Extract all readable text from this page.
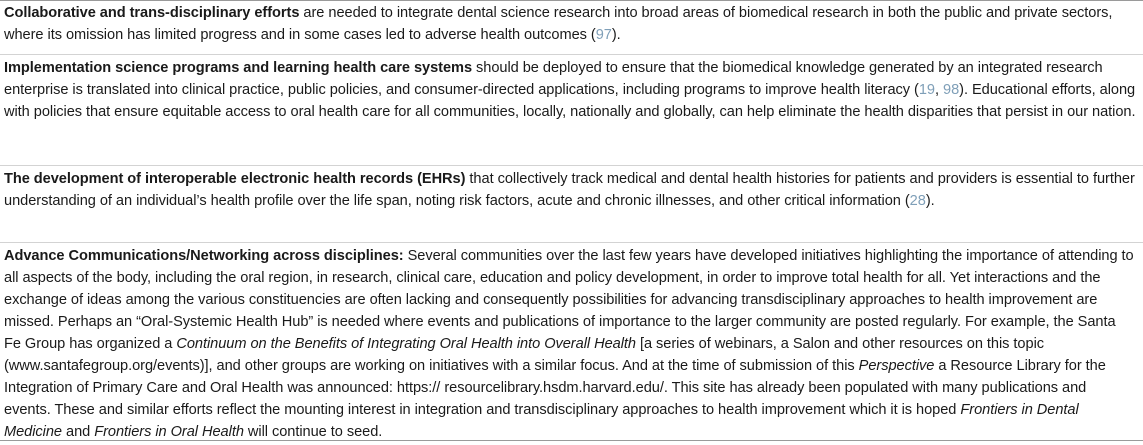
Collaborative and trans-disciplinary efforts are needed to integrate dental science research into broad areas of biomedical research in both the public and private sectors, where its omission has limited progress and in some cases led to adverse health outcomes (97).
Implementation science programs and learning health care systems should be deployed to ensure that the biomedical knowledge generated by an integrated research enterprise is translated into clinical practice, public policies, and consumer-directed applications, including programs to improve health literacy (19, 98). Educational efforts, along with policies that ensure equitable access to oral health care for all communities, locally, nationally and globally, can help eliminate the health disparities that persist in our nation.
The development of interoperable electronic health records (EHRs) that collectively track medical and dental health histories for patients and providers is essential to further understanding of an individual’s health profile over the life span, noting risk factors, acute and chronic illnesses, and other critical information (28).
Advance Communications/Networking across disciplines: Several communities over the last few years have developed initiatives highlighting the importance of attending to all aspects of the body, including the oral region, in research, clinical care, education and policy development, in order to improve total health for all. Yet interactions and the exchange of ideas among the various constituencies are often lacking and consequently possibilities for advancing transdisciplinary approaches to health improvement are missed. Perhaps an “Oral-Systemic Health Hub” is needed where events and publications of importance to the larger community are posted regularly. For example, the Santa Fe Group has organized a Continuum on the Benefits of Integrating Oral Health into Overall Health [a series of webinars, a Salon and other resources on this topic (www.santafegroup.org/events)], and other groups are working on initiatives with a similar focus. And at the time of submission of this Perspective a Resource Library for the Integration of Primary Care and Oral Health was announced: https:// resourcelibrary.hsdm.harvard.edu/. This site has already been populated with many publications and events. These and similar efforts reflect the mounting interest in integration and transdisciplinary approaches to health improvement which it is hoped Frontiers in Dental Medicine and Frontiers in Oral Health will continue to seed.
